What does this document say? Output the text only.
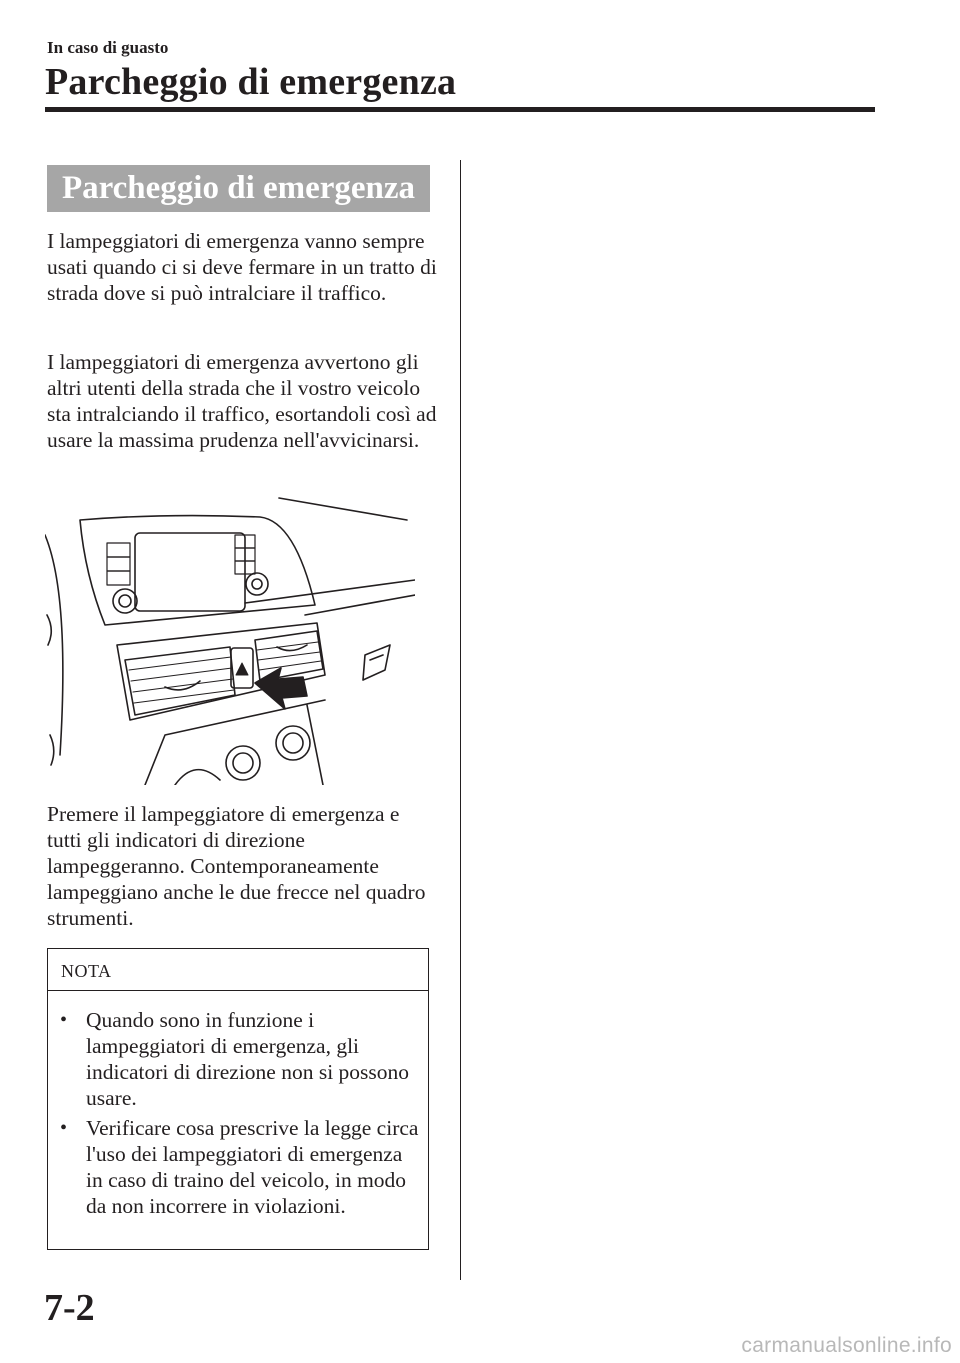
In caso di guasto
Parcheggio di emergenza
Parcheggio di emergenza

I lampeggiatori di emergenza vanno sempre usati quando ci si deve fermare in un tratto di strada dove si può intralciare il traffico.

I lampeggiatori di emergenza avvertono gli altri utenti della strada che il vostro veicolo sta intralciando il traffico, esortandoli così ad usare la massima prudenza nell'avvicinarsi.

Premere il lampeggiatore di emergenza e tutti gli indicatori di direzione lampeggeranno. Contemporaneamente lampeggiano anche le due frecce nel quadro strumenti.

NOTA
• Quando sono in funzione i lampeggiatori di emergenza, gli indicatori di direzione non si possono usare.
• Verificare cosa prescrive la legge circa l'uso dei lampeggiatori di emergenza in caso di traino del veicolo, in modo da non incorrere in violazioni.
7-2
carmanualsonline.info
